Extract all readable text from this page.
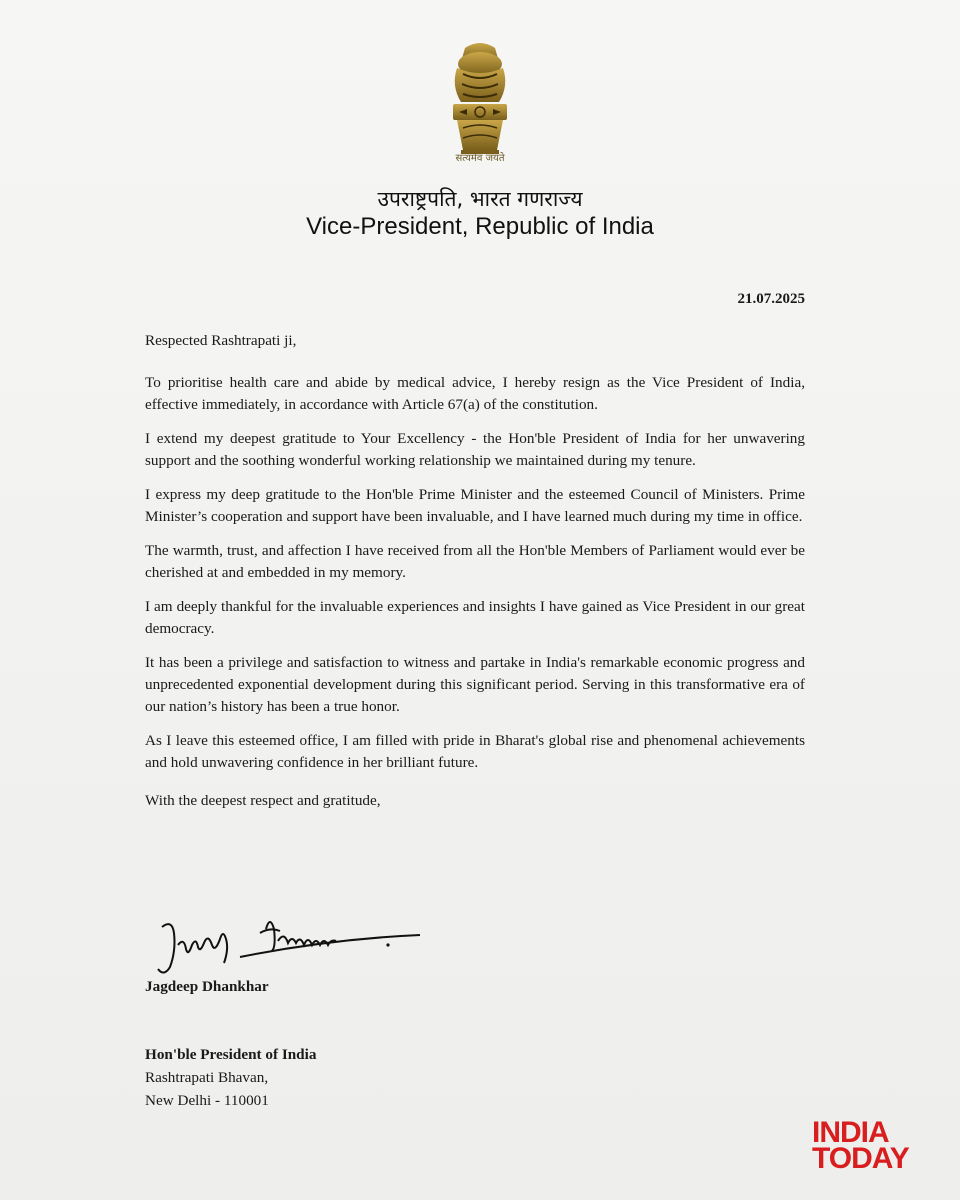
सत्यमेव जयते
उपराष्ट्रपति, भारत गणराज्य
Vice-President, Republic of India
21.07.2025

Respected Rashtrapati ji,

To prioritise health care and abide by medical advice, I hereby resign as the Vice President of India, effective immediately, in accordance with Article 67(a) of the constitution.

I extend my deepest gratitude to Your Excellency - the Hon'ble President of India for her unwavering support and the soothing wonderful working relationship we maintained during my tenure.

I express my deep gratitude to the Hon'ble Prime Minister and the esteemed Council of Ministers. Prime Minister’s cooperation and support have been invaluable, and I have learned much during my time in office.

The warmth, trust, and affection I have received from all the Hon'ble Members of Parliament would ever be cherished at and embedded in my memory.

I am deeply thankful for the invaluable experiences and insights I have gained as Vice President in our great democracy.

It has been a privilege and satisfaction to witness and partake in India's remarkable economic progress and unprecedented exponential development during this significant period. Serving in this transformative era of our nation’s history has been a true honor.

As I leave this esteemed office, I am filled with pride in Bharat's global rise and phenomenal achievements and hold unwavering confidence in her brilliant future.

With the deepest respect and gratitude,

Jagdeep Dhankhar
Hon'ble President of India
Rashtrapati Bhavan,
New Delhi - 110001
INDIA
TODAY
